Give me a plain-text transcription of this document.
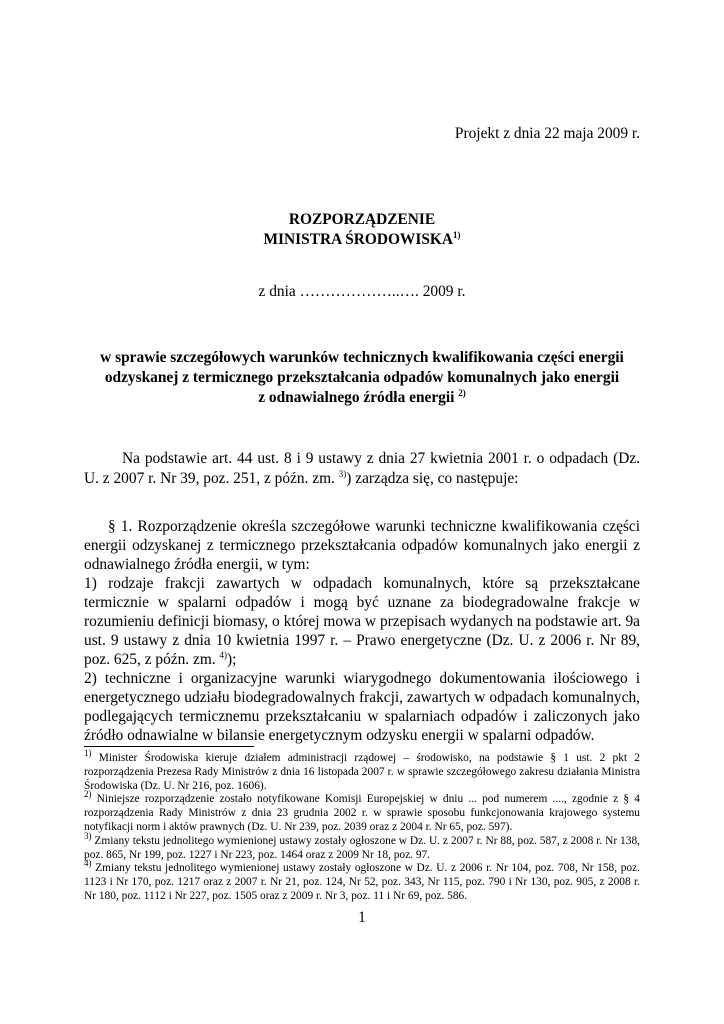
Projekt z dnia 22 maja 2009 r.

ROZPORZĄDZENIE
MINISTRA ŚRODOWISKA$^{1)}$

z dnia ………………..…. 2009 r.

w sprawie szczegółowych warunków technicznych kwalifikowania części energii
odzyskanej z termicznego przekształcania odpadów komunalnych jako energii
z odnawialnego źródła energii $^{2)}$

Na podstawie art. 44 ust. 8 i 9 ustawy z dnia 27 kwietnia 2001 r. o odpadach (Dz. U. z 2007 r. Nr 39, poz. 251, z późn. zm. $^{3)}$) zarządza się, co następuje:

§ 1. Rozporządzenie określa szczegółowe warunki techniczne kwalifikowania części energii odzyskanej z termicznego przekształcania odpadów komunalnych jako energii z odnawialnego źródła energii, w tym:

1) rodzaje frakcji zawartych w odpadach komunalnych, które są przekształcane termicznie w spalarni odpadów i mogą być uznane za biodegradowalne frakcje w rozumieniu definicji biomasy, o której mowa w przepisach wydanych na podstawie art. 9a ust. 9 ustawy z dnia 10 kwietnia 1997 r. – Prawo energetyczne (Dz. U. z 2006 r. Nr 89, poz. 625, z późn. zm. $^{4)}$);

2) techniczne i organizacyjne warunki wiarygodnego dokumentowania ilościowego i energetycznego udziału biodegradowalnych frakcji, zawartych w odpadach komunalnych, podlegających termicznemu przekształcaniu w spalarniach odpadów i zaliczonych jako źródło odnawialne w bilansie energetycznym odzysku energii w spalarni odpadów.

$^{1)}$ Minister Środowiska kieruje działem administracji rządowej – środowisko, na podstawie § 1 ust. 2 pkt 2 rozporządzenia Prezesa Rady Ministrów z dnia 16 listopada 2007 r. w sprawie szczegółowego zakresu działania Ministra Środowiska (Dz. U. Nr 216, poz. 1606).

$^{2)}$ Niniejsze rozporządzenie zostało notyfikowane Komisji Europejskiej w dniu ... pod numerem ...., zgodnie z § 4 rozporządzenia Rady Ministrów z dnia 23 grudnia 2002 r. w sprawie sposobu funkcjonowania krajowego systemu notyfikacji norm i aktów prawnych (Dz. U. Nr 239, poz. 2039 oraz z 2004 r. Nr 65, poz. 597).

$^{3)}$ Zmiany tekstu jednolitego wymienionej ustawy zostały ogłoszone w Dz. U. z 2007 r. Nr 88, poz. 587, z 2008 r. Nr 138, poz. 865, Nr 199, poz. 1227 i Nr 223, poz. 1464 oraz z 2009 Nr 18, poz. 97.

$^{4)}$ Zmiany tekstu jednolitego wymienionej ustawy zostały ogłoszone w Dz. U. z 2006 r. Nr 104, poz. 708, Nr 158, poz. 1123 i Nr 170, poz. 1217 oraz z 2007 r. Nr 21, poz. 124, Nr 52, poz. 343, Nr 115, poz. 790 i Nr 130, poz. 905, z 2008 r. Nr 180, poz. 1112 i Nr 227, poz. 1505 oraz z 2009 r. Nr 3, poz. 11 i Nr 69, poz. 586.

1
